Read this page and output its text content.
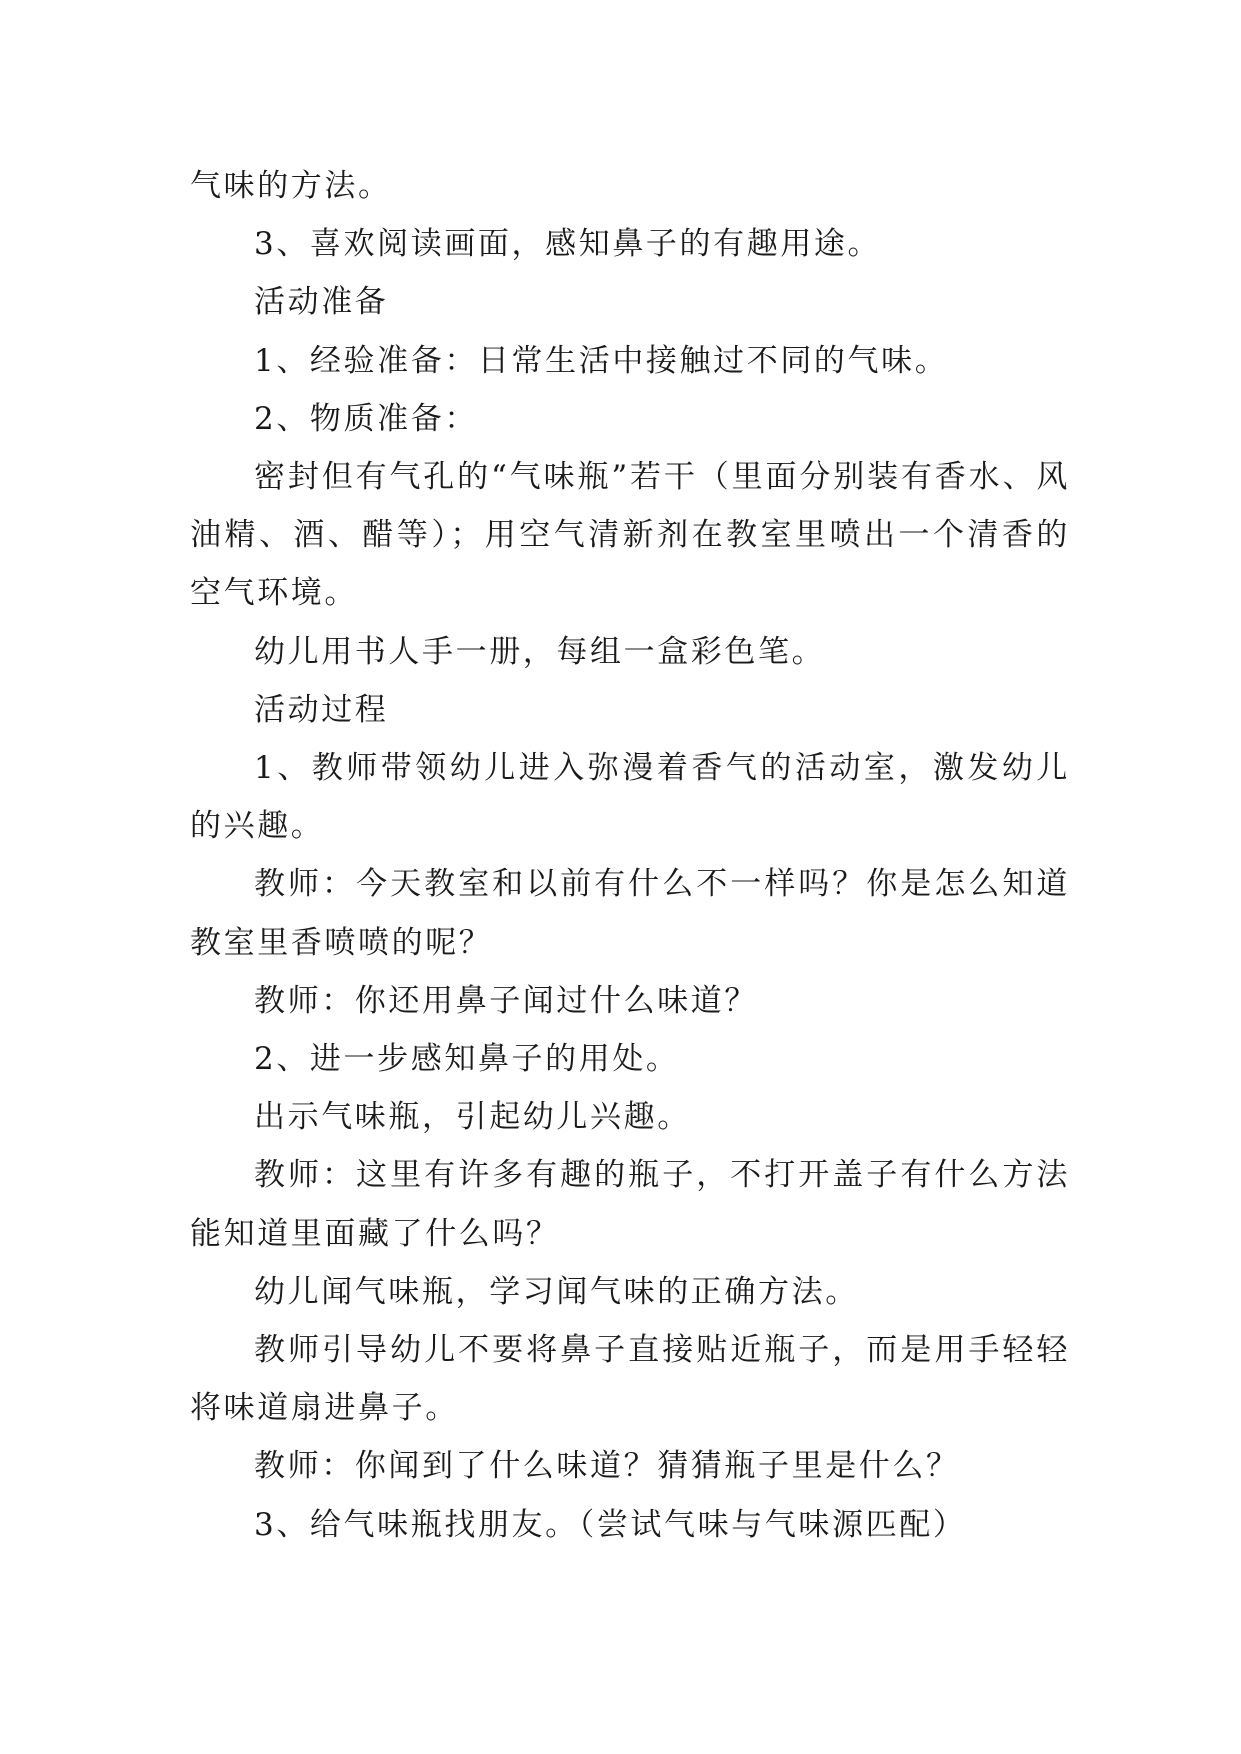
气味的方法。

3、喜欢阅读画面，感知鼻子的有趣用途。

活动准备

1、经验准备：日常生活中接触过不同的气味。

2、物质准备：

密封但有气孔的“气味瓶”若干（里面分别装有香水、风油精、酒、醋等）；用空气清新剂在教室里喷出一个清香的空气环境。

幼儿用书人手一册，每组一盒彩色笔。

活动过程

1、教师带领幼儿进入弥漫着香气的活动室，激发幼儿的兴趣。

教师：今天教室和以前有什么不一样吗？你是怎么知道教室里香喷喷的呢？

教师：你还用鼻子闻过什么味道？

2、进一步感知鼻子的用处。

出示气味瓶，引起幼儿兴趣。

教师：这里有许多有趣的瓶子，不打开盖子有什么方法能知道里面藏了什么吗？

幼儿闻气味瓶，学习闻气味的正确方法。

教师引导幼儿不要将鼻子直接贴近瓶子，而是用手轻轻将味道扇进鼻子。

教师：你闻到了什么味道？猜猜瓶子里是什么？

3、给气味瓶找朋友。（尝试气味与气味源匹配）
